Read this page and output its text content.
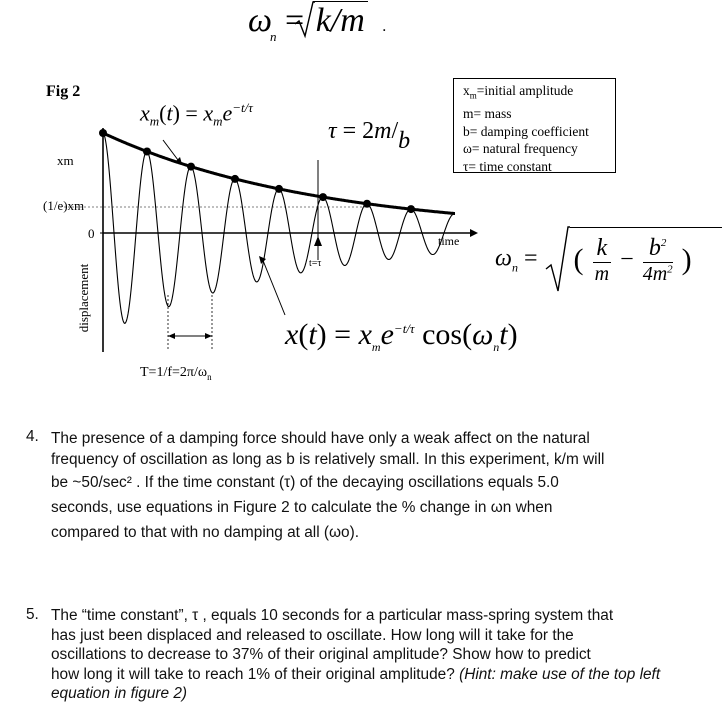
$\omega_n = k/m$ .
Fig 2	$x_m=initial$ amplitude
m= mass
b= damping coefficient
ω= natural frequency
τ= time constant
$x_m(t) = x_me^{-t/\tau}$
τ = 2m/b
xm
(1/e)xm
0
displacement
time
t=τ
$T=1/f=2\pi/\omega_n$
$\omega_n$ =
( k
m
− $b^2$
$4m^2$ )
$x(t) = x_me^{-t/\tau}$ $\cos(\omega_nt)$
4. The presence of a damping force should have only a weak affect on the natural

frequency of oscillation as long as b is relatively small. In this experiment, k/m will

be ~50/sec² . If the time constant (τ) of the decaying oscillations equals 5.0

seconds, use equations in Figure 2 to calculate the % change in ωn when

compared to that with no damping at all (ωo).

5. The “time constant”, τ , equals 10 seconds for a particular mass-spring system that

has just been displaced and released to oscillate. How long will it take for the

oscillations to decrease to 37% of their original amplitude? Show how to predict

how long it will take to reach 1% of their original amplitude? (Hint: make use of the top left equation in figure 2)
